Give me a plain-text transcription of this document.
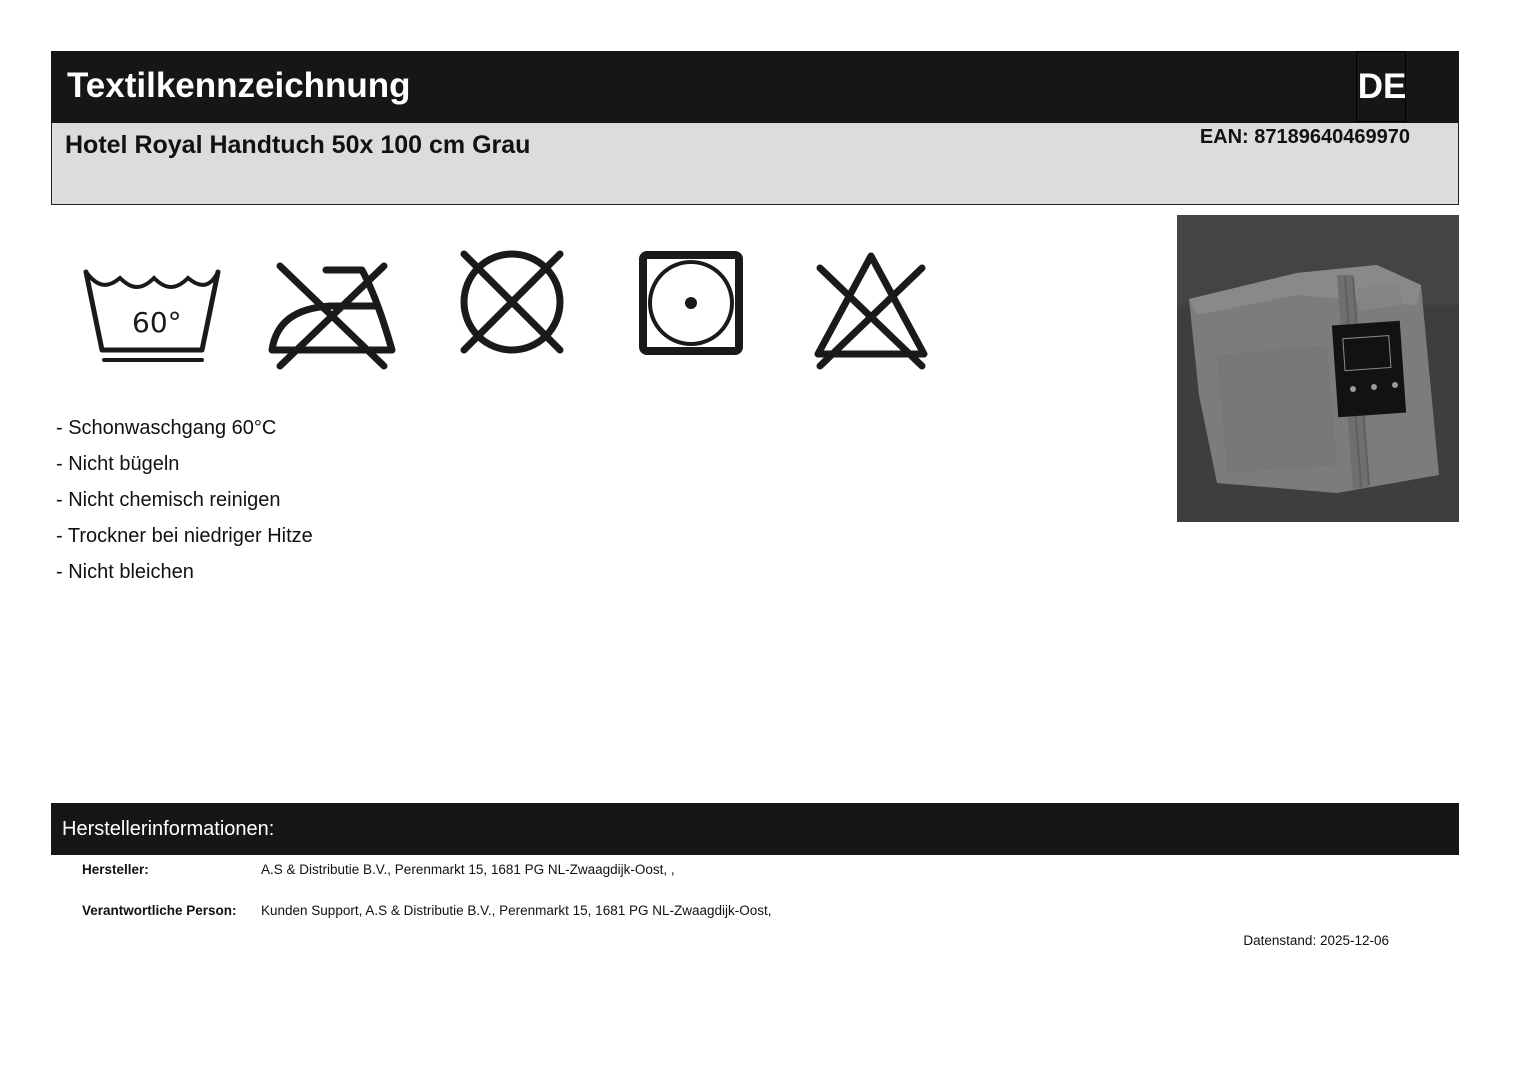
Textilkennzeichnung	DE
Hotel Royal Handtuch 50x 100 cm Grau	EAN: 87189640469970
60°
- Schonwaschgang 60°C
- Nicht bügeln
- Nicht chemisch reinigen
- Trockner bei niedriger Hitze
- Nicht bleichen
Herstellerinformationen:
Hersteller:	A.S & Distributie B.V., Perenmarkt 15, 1681 PG NL-Zwaagdijk-Oost, ,
Verantwortliche Person: Kunden Support, A.S & Distributie B.V., Perenmarkt 15, 1681 PG NL-Zwaagdijk-Oost,
Datenstand: 2025-12-06
